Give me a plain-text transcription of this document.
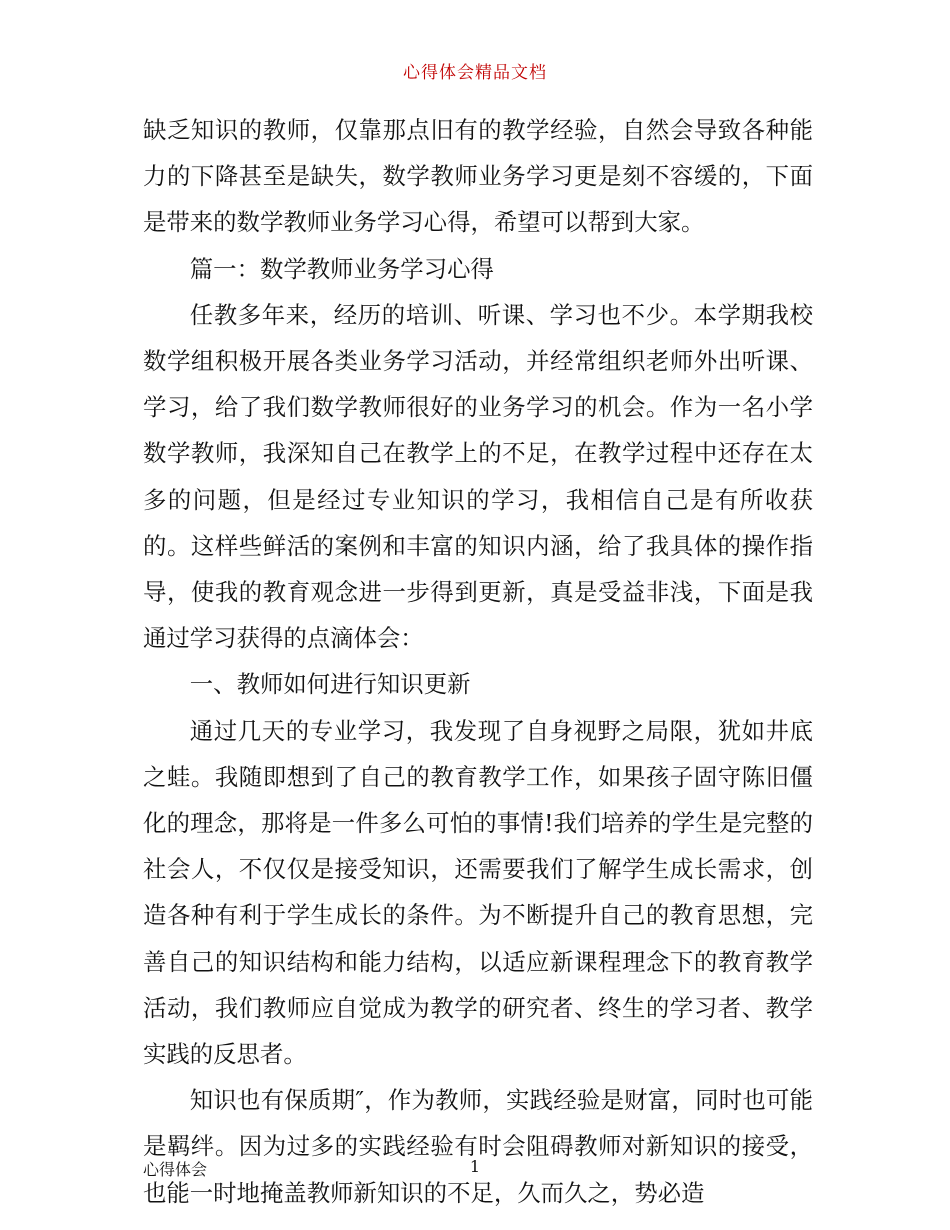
心得体会精品文档

缺乏知识的教师，仅靠那点旧有的教学经验，自然会导致各种能力的下降甚至是缺失，数学教师业务学习更是刻不容缓的，下面是带来的数学教师业务学习心得，希望可以帮到大家。

篇一：数学教师业务学习心得

任教多年来，经历的培训、听课、学习也不少。本学期我校数学组积极开展各类业务学习活动，并经常组织老师外出听课、学习，给了我们数学教师很好的业务学习的机会。作为一名小学数学教师，我深知自己在教学上的不足，在教学过程中还存在太多的问题，但是经过专业知识的学习，我相信自己是有所收获的。这样些鲜活的案例和丰富的知识内涵，给了我具体的操作指导，使我的教育观念进一步得到更新，真是受益非浅，下面是我通过学习获得的点滴体会：

一、教师如何进行知识更新

通过几天的专业学习，我发现了自身视野之局限，犹如井底之蛙。我随即想到了自己的教育教学工作，如果孩子固守陈旧僵化的理念，那将是一件多么可怕的事情!我们培养的学生是完整的社会人，不仅仅是接受知识，还需要我们了解学生成长需求，创造各种有利于学生成长的条件。为不断提升自己的教育思想，完善自己的知识结构和能力结构，以适应新课程理念下的教育教学活动，我们教师应自觉成为教学的研究者、终生的学习者、教学实践的反思者。

知识也有保质期″，作为教师，实践经验是财富，同时也可能是羁绊。因为过多的实践经验有时会阻碍教师对新知识的接受，也能一时地掩盖教师新知识的不足，久而久之，势必造

心得体会	1
